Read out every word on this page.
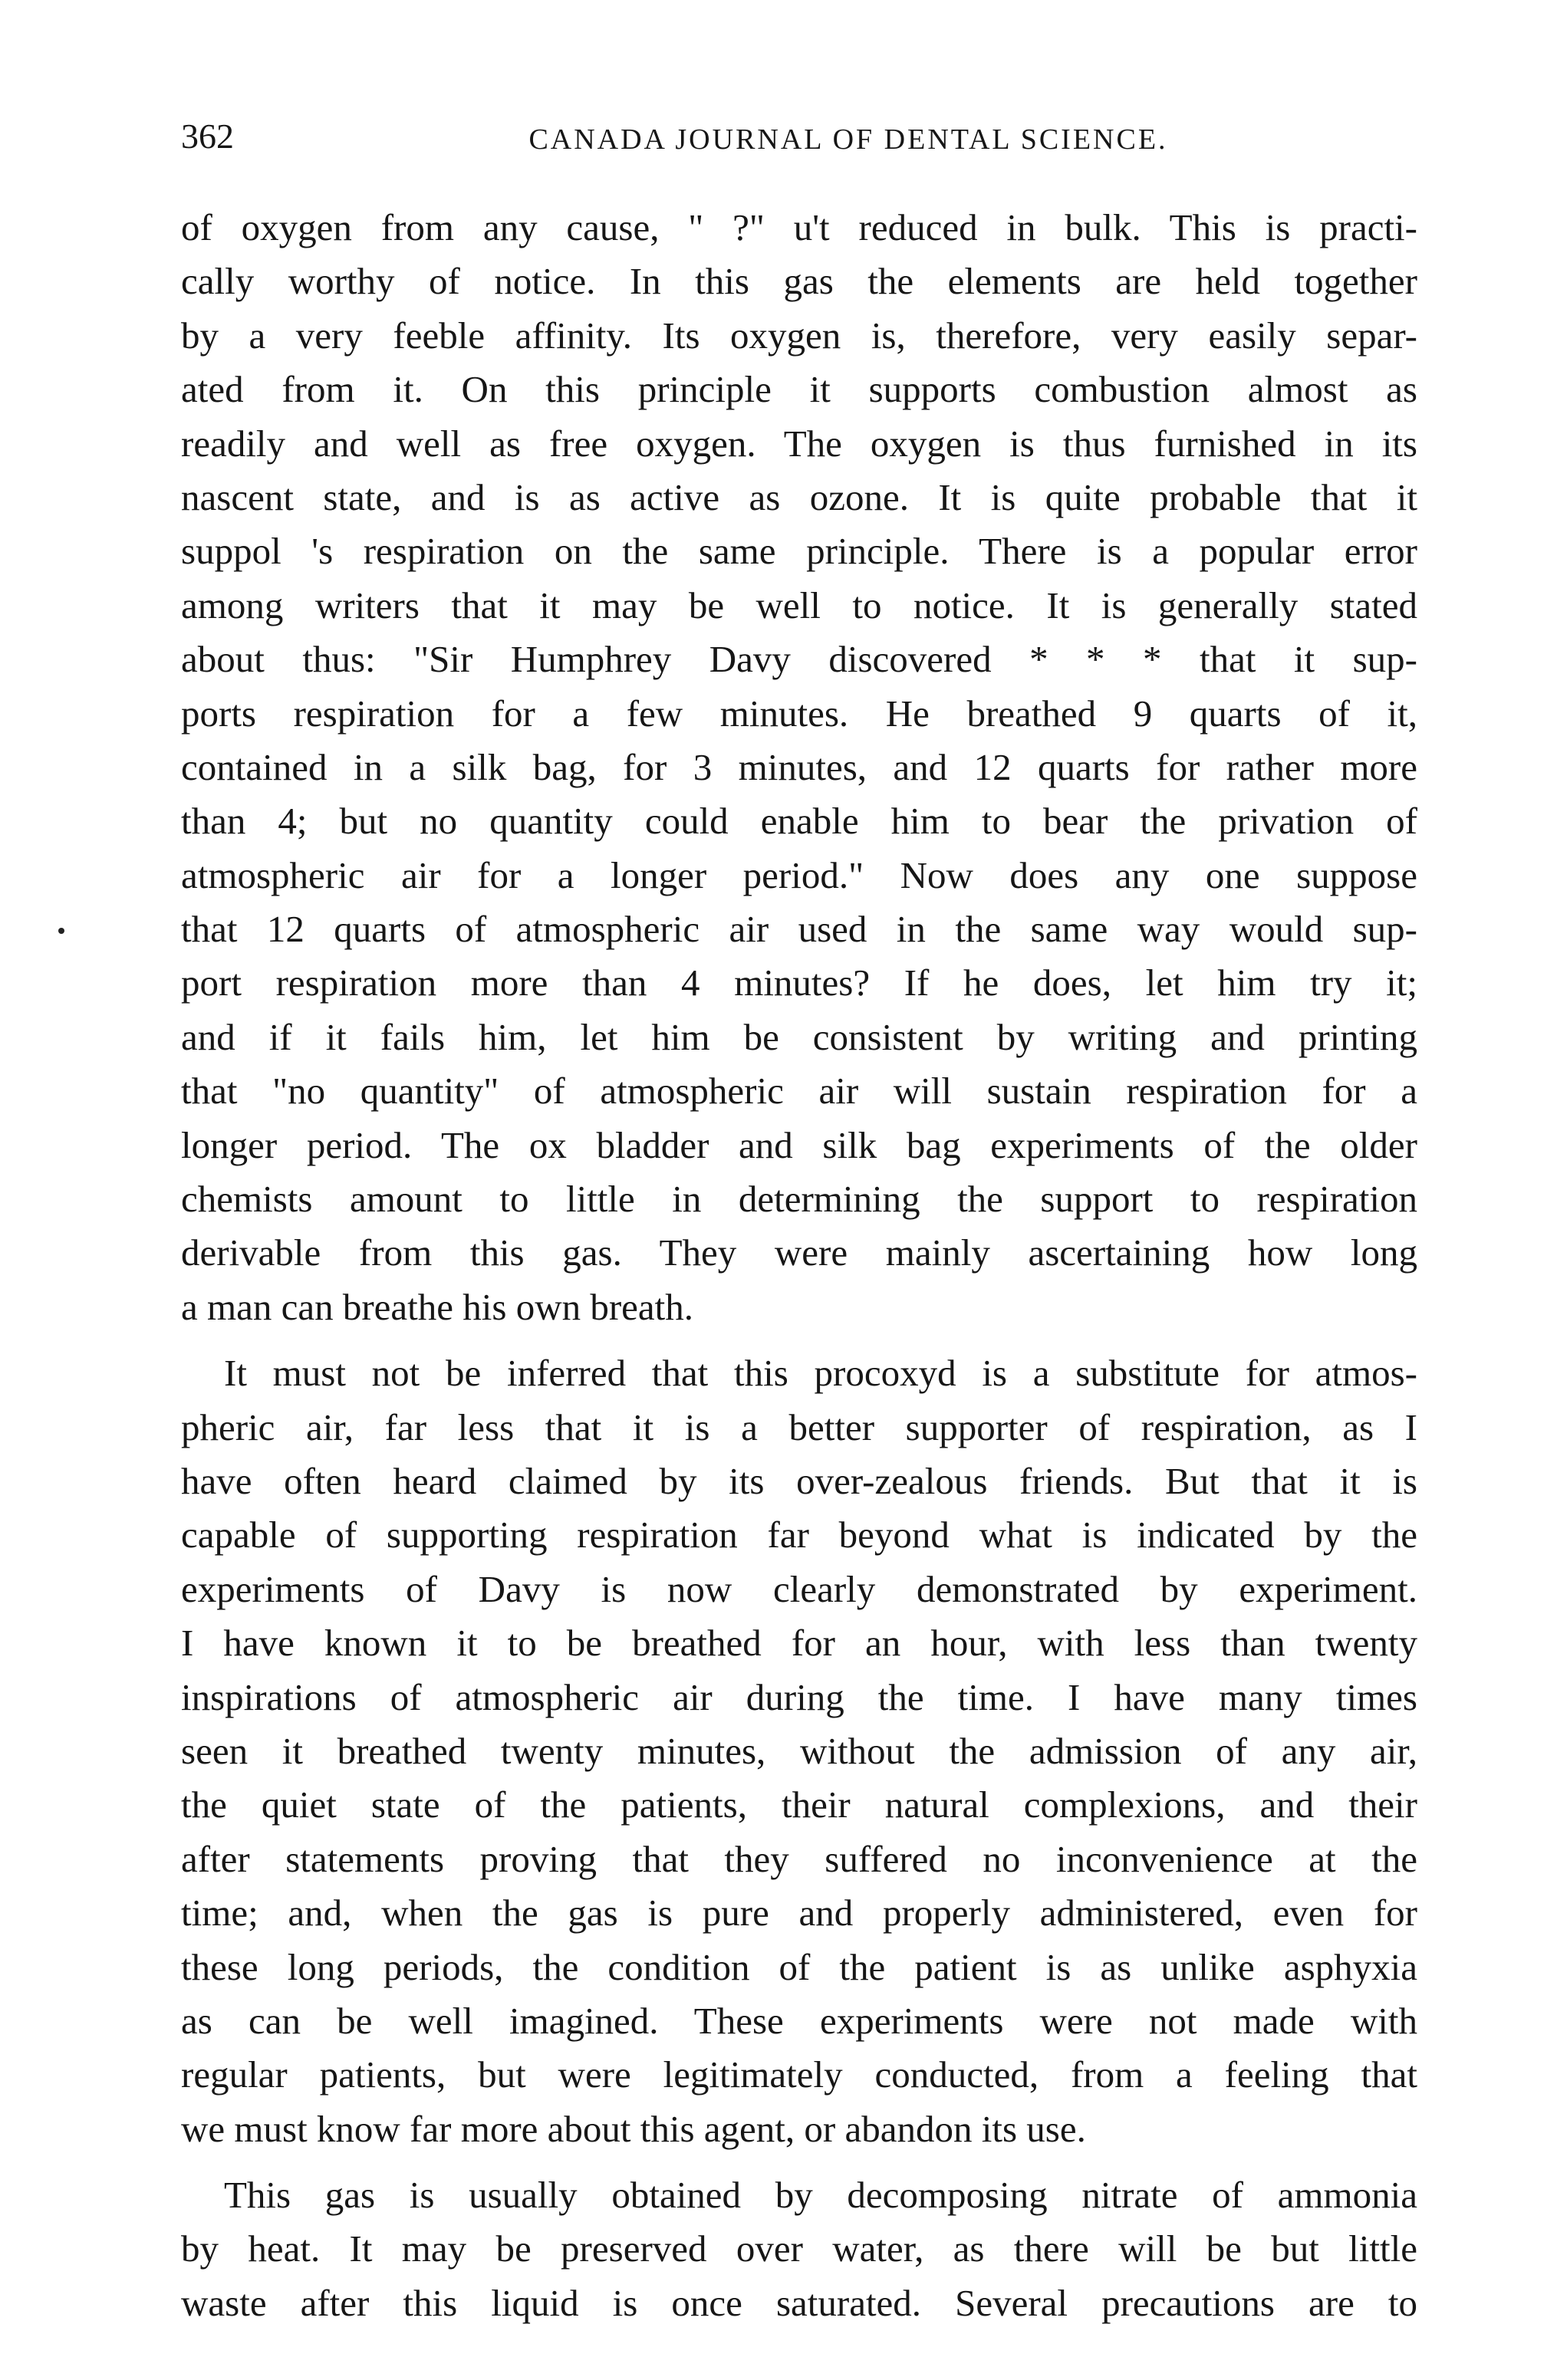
362	CANADA JOURNAL OF DENTAL SCIENCE.
of oxygen from any cause, " ?" u't reduced in bulk. This is practi-
cally worthy of notice. In this gas the elements are held together
by a very feeble affinity. Its oxygen is, therefore, very easily separ-
ated from it. On this principle it supports combustion almost as
readily and well as free oxygen. The oxygen is thus furnished in its
nascent state, and is as active as ozone. It is quite probable that it
suppol 's respiration on the same principle. There is a popular error
among writers that it may be well to notice. It is generally stated
about thus: "Sir Humphrey Davy discovered * * * that it sup-
ports respiration for a few minutes. He breathed 9 quarts of it,
contained in a silk bag, for 3 minutes, and 12 quarts for rather more
than 4; but no quantity could enable him to bear the privation of
atmospheric air for a longer period." Now does any one suppose
that 12 quarts of atmospheric air used in the same way would sup-
port respiration more than 4 minutes? If he does, let him try it;
and if it fails him, let him be consistent by writing and printing
that "no quantity" of atmospheric air will sustain respiration for a
longer period. The ox bladder and silk bag experiments of the older
chemists amount to little in determining the support to respiration
derivable from this gas. They were mainly ascertaining how long
a man can breathe his own breath.
It must not be inferred that this procoxyd is a substitute for atmos-
pheric air, far less that it is a better supporter of respiration, as I
have often heard claimed by its over-zealous friends. But that it is
capable of supporting respiration far beyond what is indicated by the
experiments of Davy is now clearly demonstrated by experiment.
I have known it to be breathed for an hour, with less than twenty
inspirations of atmospheric air during the time. I have many times
seen it breathed twenty minutes, without the admission of any air,
the quiet state of the patients, their natural complexions, and their
after statements proving that they suffered no inconvenience at the
time; and, when the gas is pure and properly administered, even for
these long periods, the condition of the patient is as unlike asphyxia
as can be well imagined. These experiments were not made with
regular patients, but were legitimately conducted, from a feeling that
we must know far more about this agent, or abandon its use.
This gas is usually obtained by decomposing nitrate of ammonia
by heat. It may be preserved over water, as there will be but little
waste after this liquid is once saturated. Several precautions are to
